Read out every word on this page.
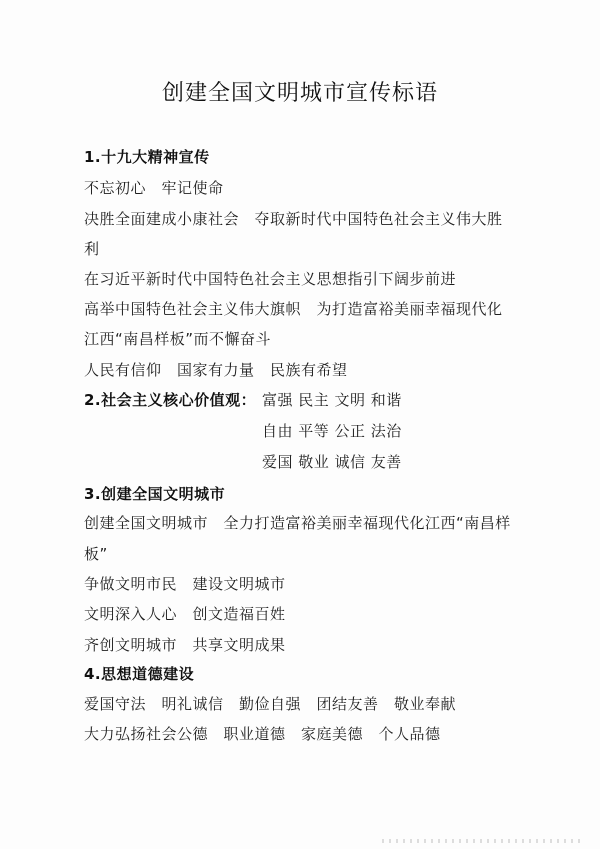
创建全国文明城市宣传标语
1.十九大精神宣传
不忘初心　牢记使命
决胜全面建成小康社会　夺取新时代中国特色社会主义伟大胜
利
在习近平新时代中国特色社会主义思想指引下阔步前进
高举中国特色社会主义伟大旗帜　为打造富裕美丽幸福现代化
江西“南昌样板”而不懈奋斗
人民有信仰　国家有力量　民族有希望
2.社会主义核心价值观： 富强 民主 文明 和谐
自由 平等 公正 法治
爱国 敬业 诚信 友善
3.创建全国文明城市
创建全国文明城市　全力打造富裕美丽幸福现代化江西“南昌样
板”
争做文明市民　建设文明城市
文明深入人心　创文造福百姓
齐创文明城市　共享文明成果
4.思想道德建设
爱国守法　明礼诚信　勤俭自强　团结友善　敬业奉献
大力弘扬社会公德　职业道德　家庭美德　个人品德
